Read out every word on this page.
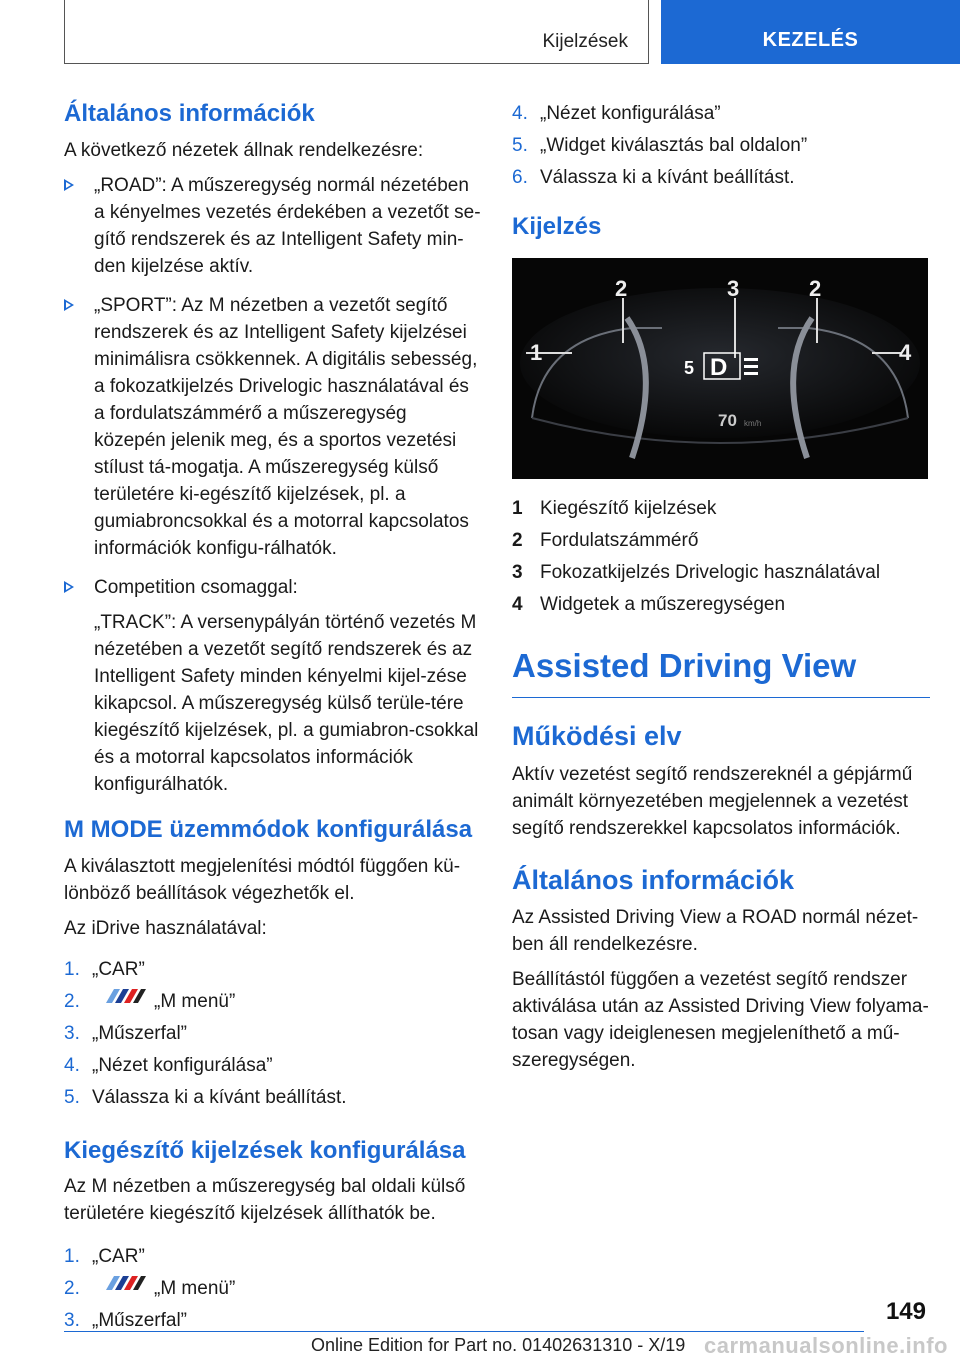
Kijelzések	KEZELÉS
Általános információk

A következő nézetek állnak rendelkezésre:

„ROAD”: A műszeregység normál nézetében a kényelmes vezetés érdekében a vezetőt se-gítő rendszerek és az Intelligent Safety min-den kijelzése aktív.
„SPORT”: Az M nézetben a vezetőt segítő rendszerek és az Intelligent Safety kijelzései minimálisra csökkennek. A digitális sebesség, a fokozatkijelzés Drivelogic használatával és a fordulatszámmérő a műszeregység közepén jelenik meg, és a sportos vezetési stílust tá-mogatja. A műszeregység külső területére ki-egészítő kijelzések, pl. a gumiabroncsokkal és a motorral kapcsolatos információk konfigu-rálhatók.
Competition csomaggal:

„TRACK”: A versenypályán történő vezetés M nézetében a vezetőt segítő rendszerek és az Intelligent Safety minden kényelmi kijel-zése kikapcsol. A műszeregység külső terüle-tére kiegészítő kijelzések, pl. a gumiabron-csokkal és a motorral kapcsolatos információk konfigurálhatók.

M MODE üzemmódok konfigurálása

A kiválasztott megjelenítési módtól függően kü-lönböző beállítások végezhetők el.

Az iDrive használatával:

1. „CAR”
2.	„M menü”
3. „Műszerfal”
4. „Nézet konfigurálása”
5. Válassza ki a kívánt beállítást.
Kiegészítő kijelzések konfigurálása

Az M nézetben a műszeregység bal oldali külső területére kiegészítő kijelzések állíthatók be.

1. „CAR”
2.	„M menü”
3. „Műszerfal”
4. „Nézet konfigurálása”
5. „Widget kiválasztás bal oldalon”
6. Válassza ki a kívánt beállítást.
Kijelzés
1
2	3	2
4
5 D
70 km/h
1 Kiegészítő kijelzések
2 Fordulatszámmérő
3 Fokozatkijelzés Drivelogic használatával
4 Widgetek a műszeregységen
Assisted Driving View
Működési elv

Aktív vezetést segítő rendszereknél a gépjármű animált környezetében megjelennek a vezetést segítő rendszerekkel kapcsolatos információk.

Általános információk

Az Assisted Driving View a ROAD normál nézet-ben áll rendelkezésre.

Beállítástól függően a vezetést segítő rendszer aktiválása után az Assisted Driving View folyama-tosan vagy ideiglenesen megjeleníthető a mű-szeregységen.

149
carmanualsonline.info
Online Edition for Part no. 01402631310 - X/19
